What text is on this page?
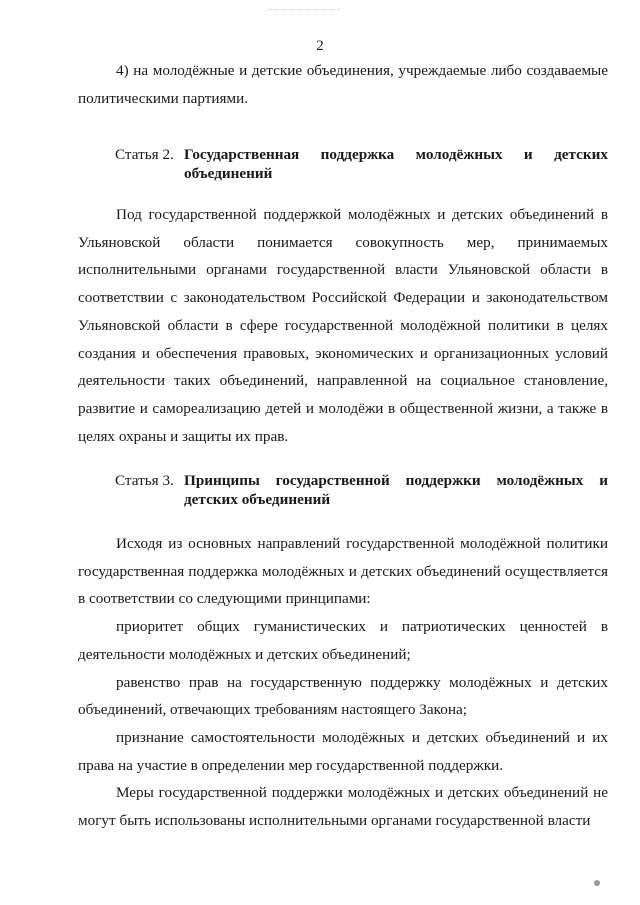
2

4) на молодёжные и детские объединения, учреждаемые либо создаваемые политическими партиями.

Статья 2. Государственная поддержка молодёжных и детских объединений

Под государственной поддержкой молодёжных и детских объединений в Ульяновской области понимается совокупность мер, принимаемых исполнительными органами государственной власти Ульяновской области в соответствии с законодательством Российской Федерации и законодательством Ульяновской области в сфере государственной молодёжной политики в целях создания и обеспечения правовых, экономических и организационных условий деятельности таких объединений, направленной на социальное становление, развитие и самореализацию детей и молодёжи в общественной жизни, а также в целях охраны и защиты их прав.

Статья 3. Принципы государственной поддержки молодёжных и детских объединений

Исходя из основных направлений государственной молодёжной политики государственная поддержка молодёжных и детских объединений осуществляется в соответствии со следующими принципами:

приоритет общих гуманистических и патриотических ценностей в деятельности молодёжных и детских объединений;

равенство прав на государственную поддержку молодёжных и детских объединений, отвечающих требованиям настоящего Закона;

признание самостоятельности молодёжных и детских объединений и их права на участие в определении мер государственной поддержки.

Меры государственной поддержки молодёжных и детских объединений не могут быть использованы исполнительными органами государственной власти
